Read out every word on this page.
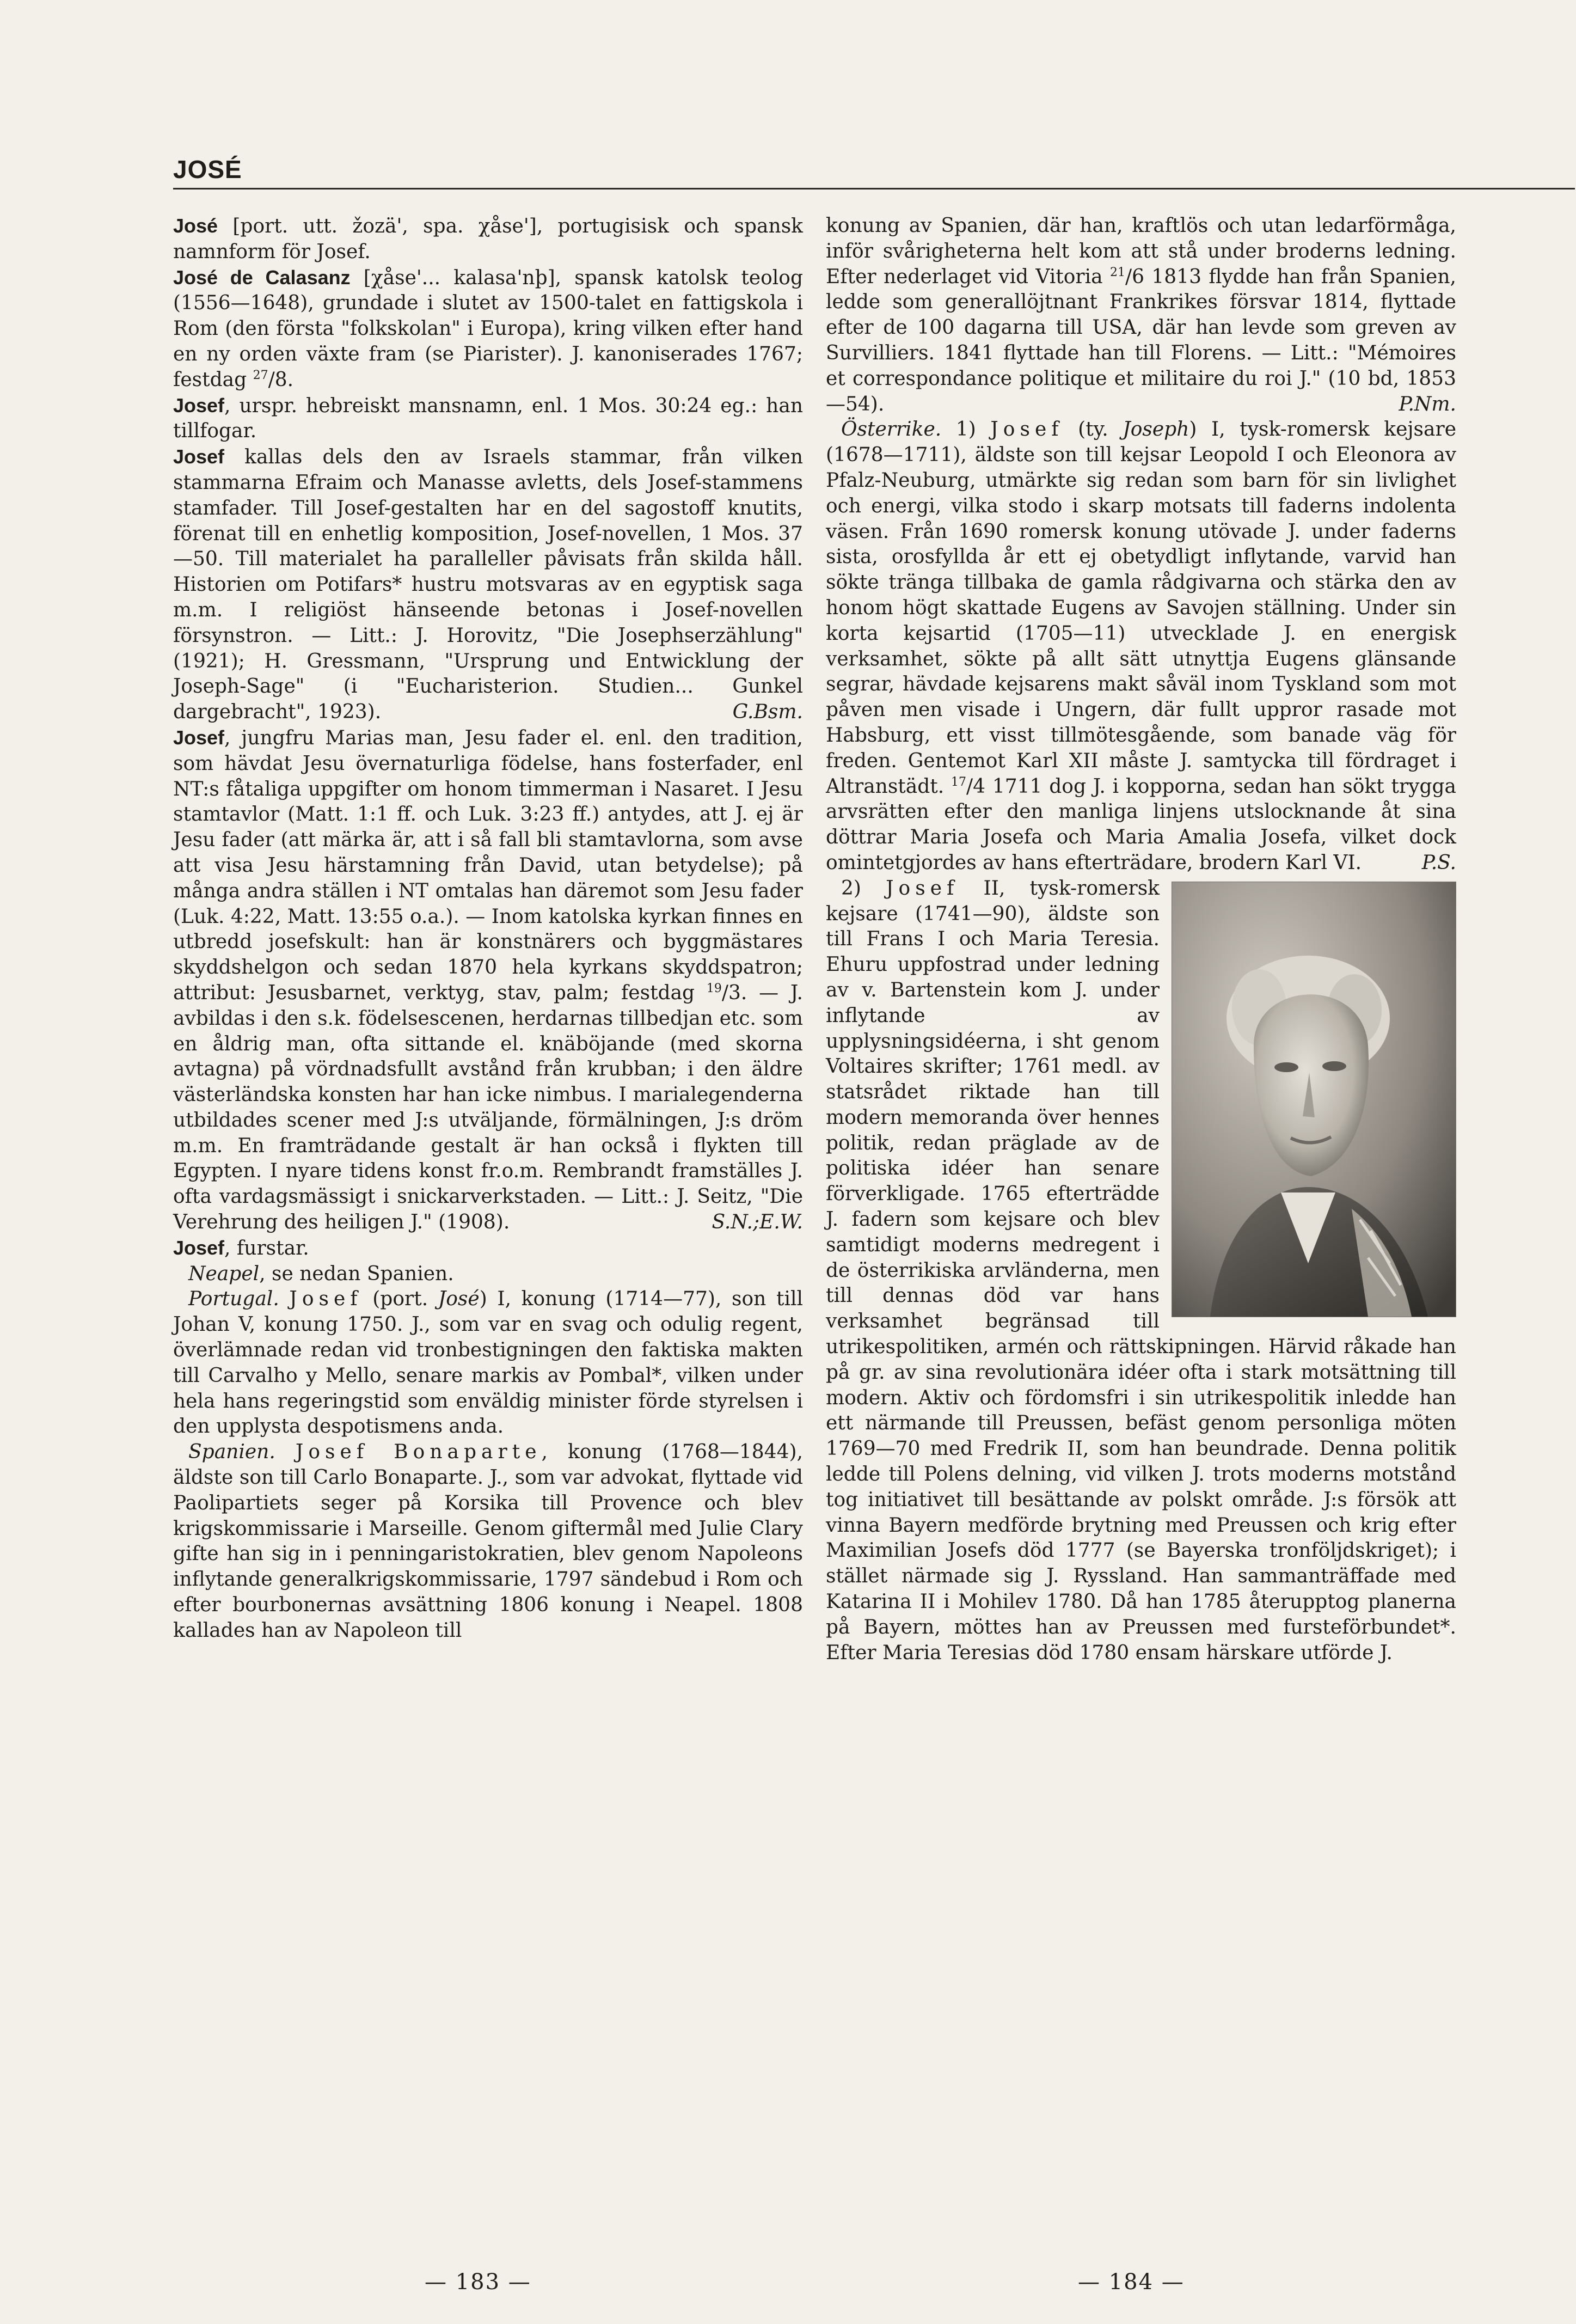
JOSÉ

José [port. utt. žozä', spa. χåse'], portugisisk och spansk namnform för Josef.

José de Calasanz [χåse'... kalasa'nþ], spansk katolsk teolog (1556—1648), grundade i slutet av 1500-talet en fattigskola i Rom (den första "folkskolan" i Europa), kring vilken efter hand en ny orden växte fram (se Piarister). J. kanoniserades 1767; festdag $^{27}$/8.

Josef, urspr. hebreiskt mansnamn, enl. 1 Mos. 30:24 eg.: han tillfogar.

Josef kallas dels den av Israels stammar, från vilken stammarna Efraim och Manasse avletts, dels Josef-stammens stamfader. Till Josef-gestalten har en del sagostoff knutits, förenat till en enhetlig komposition, Josef-novellen, 1 Mos. 37—50. Till materialet ha paralleller påvisats från skilda håll. Historien om Potifars* hustru motsvaras av en egyptisk saga m.m. I religiöst hänseende betonas i Josef-novellen försynstron. — Litt.: J. Horovitz, "Die Josephserzählung" (1921); H. Gressmann, "Ursprung und Entwicklung der Joseph-Sage" (i "Eucharisterion. Studien... Gunkel dargebracht", 1923).	G.Bsm.

Josef, jungfru Marias man, Jesu fader el. enl. den tradition, som hävdat Jesu övernaturliga födelse, hans fosterfader, enl NT:s fåtaliga uppgifter om honom timmerman i Nasaret. I Jesu stamtavlor (Matt. 1:1 ff. och Luk. 3:23 ff.) antydes, att J. ej är Jesu fader (att märka är, att i så fall bli stamtavlorna, som avse att visa Jesu härstamning från David, utan betydelse); på många andra ställen i NT omtalas han däremot som Jesu fader (Luk. 4:22, Matt. 13:55 o.a.). — Inom katolska kyrkan finnes en utbredd josefskult: han är konstnärers och byggmästares skyddshelgon och sedan 1870 hela kyrkans skyddspatron; attribut: Jesusbarnet, verktyg, stav, palm; festdag $^{19}$/3. — J. avbildas i den s.k. födelsescenen, herdarnas tillbedjan etc. som en åldrig man, ofta sittande el. knäböjande (med skorna avtagna) på vördnadsfullt avstånd från krubban; i den äldre västerländska konsten har han icke nimbus. I marialegenderna utbildades scener med J:s utväljande, förmälningen, J:s dröm m.m. En framträdande gestalt är han också i flykten till Egypten. I nyare tidens konst fr.o.m. Rembrandt framställes J. ofta vardagsmässigt i snickarverkstaden. — Litt.: J. Seitz, "Die Verehrung des heiligen J." (1908).	S.N.;E.W.

Josef, furstar.

Neapel, se nedan Spanien.

Portugal. Josef (port. José) I, konung (1714—77), son till Johan V, konung 1750. J., som var en svag och odulig regent, överlämnade redan vid tronbestigningen den faktiska makten till Carvalho y Mello, senare markis av Pombal*, vilken under hela hans regeringstid som enväldig minister förde styrelsen i den upplysta despotismens anda.

Spanien. Josef Bonaparte, konung (1768—1844), äldste son till Carlo Bonaparte. J., som var advokat, flyttade vid Paolipartiets seger på Korsika till Provence och blev krigskommissarie i Marseille. Genom giftermål med Julie Clary gifte han sig in i penningaristokratien, blev genom Napoleons inflytande generalkrigskommissarie, 1797 sändebud i Rom och efter bourbonernas avsättning 1806 konung i Neapel. 1808 kallades han av Napoleon till

konung av Spanien, där han, kraftlös och utan ledarförmåga, inför svårigheterna helt kom att stå under broderns ledning. Efter nederlaget vid Vitoria $^{21}$/6 1813 flydde han från Spanien, ledde som generallöjtnant Frankrikes försvar 1814, flyttade efter de 100 dagarna till USA, där han levde som greven av Survilliers. 1841 flyttade han till Florens. — Litt.: "Mémoires et correspondance politique et militaire du roi J." (10 bd, 1853—54).	P.Nm.

Österrike. 1) Josef (ty. Joseph) I, tysk-romersk kejsare (1678—1711), äldste son till kejsar Leopold I och Eleonora av Pfalz-Neuburg, utmärkte sig redan som barn för sin livlighet och energi, vilka stodo i skarp motsats till faderns indolenta väsen. Från 1690 romersk konung utövade J. under faderns sista, orosfyllda år ett ej obetydligt inflytande, varvid han sökte tränga tillbaka de gamla rådgivarna och stärka den av honom högt skattade Eugens av Savojen ställning. Under sin korta kejsartid (1705—11) utvecklade J. en energisk verksamhet, sökte på allt sätt utnyttja Eugens glänsande segrar, hävdade kejsarens makt såväl inom Tyskland som mot påven men visade i Ungern, där fullt uppror rasade mot Habsburg, ett visst tillmötesgående, som banade väg för freden. Gentemot Karl XII måste J. samtycka till fördraget i Altranstädt. $^{17}$/4 1711 dog J. i kopporna, sedan han sökt trygga arvsrätten efter den manliga linjens utslocknande åt sina döttrar Maria Josefa och Maria Amalia Josefa, vilket dock omintetgjordes av hans efterträdare, brodern Karl VI.	P.S.

2) Josef
II, tysk-romersk kejsare (1741—90), äldste son till Frans I och Maria Teresia. Ehuru uppfostrad under ledning av v. Bartenstein kom J. under inflytande av upplysningsidéerna, i sht genom Voltaires skrifter; 1761 medl. av statsrådet riktade han till modern memoranda över hennes politik, redan präglade av de politiska idéer han senare förverkligade. 1765 efterträdde J. fadern som kejsare och blev samtidigt moderns medregent i de österrikiska arvländerna, men till dennas död var hans verksamhet begränsad till utrikespolitiken, armén och rättskipningen. Härvid råkade han på gr. av sina revolutionära idéer ofta i stark motsättning till modern. Aktiv och fördomsfri i sin utrikespolitik inledde han ett närmande till Preussen, befäst genom personliga möten 1769—70 med Fredrik II, som han beundrade. Denna politik ledde till Polens delning, vid vilken J. trots moderns motstånd tog initiativet till besättande av polskt område. J:s försök att vinna Bayern medförde brytning med Preussen och krig efter Maximilian Josefs död 1777 (se Bayerska tronföljdskriget); i stället närmade sig J. Ryssland. Han sammanträffade med Katarina II i Mohilev 1780. Då han 1785 återupptog planerna på Bayern, möttes han av Preussen med fursteförbundet*. Efter Maria Teresias död 1780 ensam härskare utförde J.

— 183 —	— 184 —
